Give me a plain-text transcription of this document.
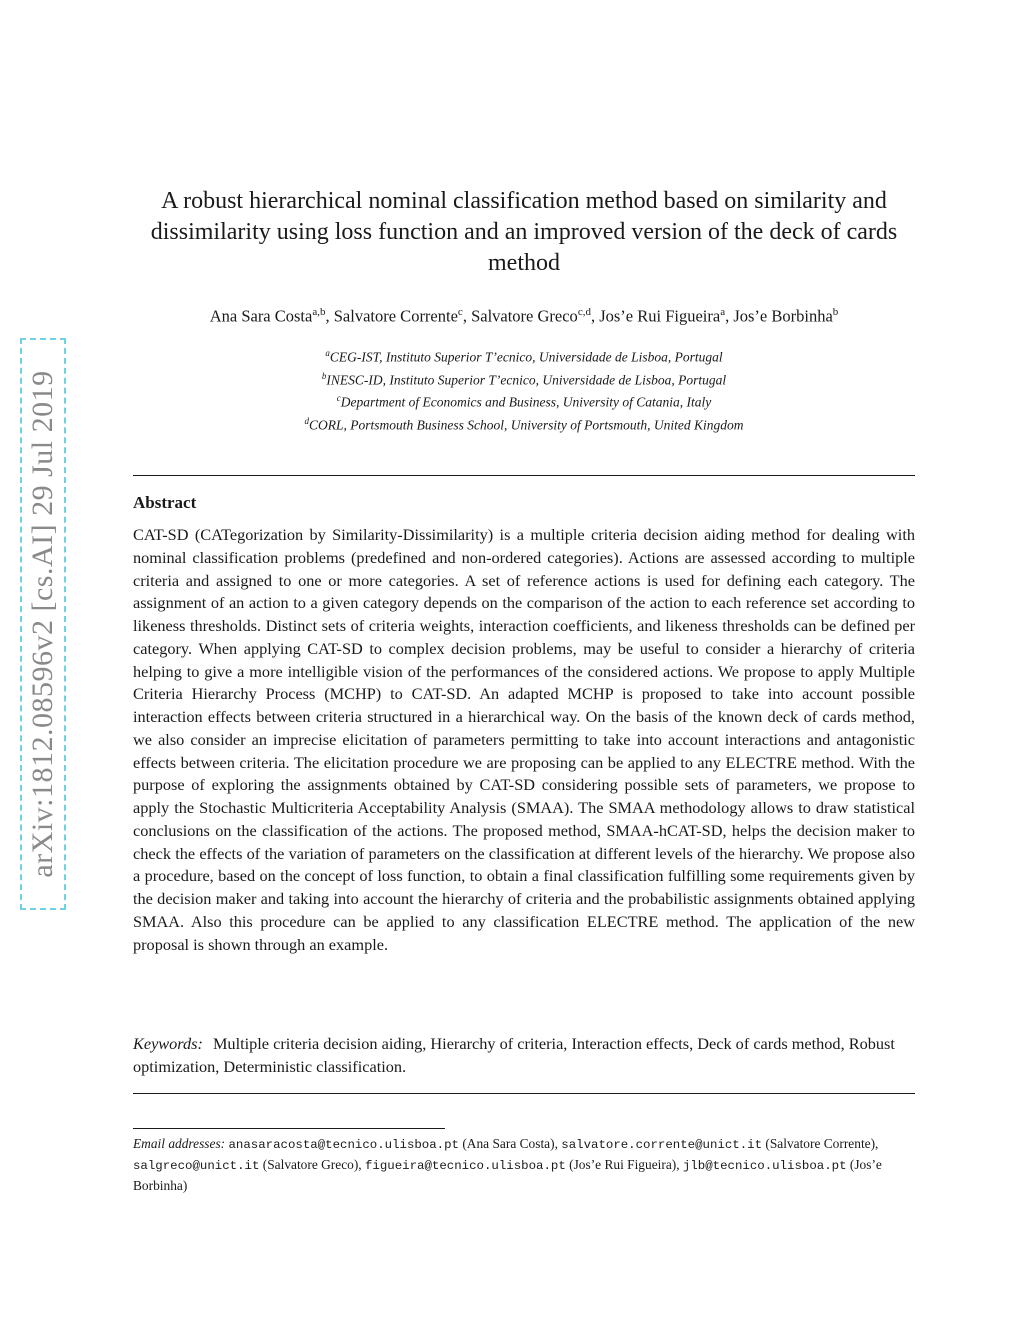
arXiv:1812.08596v2 [cs.AI] 29 Jul 2019
A robust hierarchical nominal classification method based on similarity and dissimilarity using loss function and an improved version of the deck of cards method
Ana Sara Costa$^{a,b}$, Salvatore Corrente$^c$, Salvatore Greco$^{c,d}$, Jos’e Rui Figueira$^a$, Jos’e Borbinha$^b$
$^a$CEG-IST, Instituto Superior T’ecnico, Universidade de Lisboa, Portugal
$^b$INESC-ID, Instituto Superior T’ecnico, Universidade de Lisboa, Portugal
$^c$Department of Economics and Business, University of Catania, Italy
$^d$CORL, Portsmouth Business School, University of Portsmouth, United Kingdom
Abstract

CAT-SD (CATegorization by Similarity-Dissimilarity) is a multiple criteria decision aiding method for dealing with nominal classification problems (predefined and non-ordered categories). Actions are assessed according to multiple criteria and assigned to one or more categories. A set of reference actions is used for defining each category. The assignment of an action to a given category depends on the comparison of the action to each reference set according to likeness thresholds. Distinct sets of criteria weights, interaction coefficients, and likeness thresholds can be defined per category. When applying CAT-SD to complex decision problems, may be useful to consider a hierarchy of criteria helping to give a more intelligible vision of the performances of the considered actions. We propose to apply Multiple Criteria Hierarchy Process (MCHP) to CAT-SD. An adapted MCHP is proposed to take into account possible interaction effects between criteria structured in a hierarchical way. On the basis of the known deck of cards method, we also consider an imprecise elicitation of parameters permitting to take into account interactions and antagonistic effects between criteria. The elicitation procedure we are proposing can be applied to any ELECTRE method. With the purpose of exploring the assignments obtained by CAT-SD considering possible sets of parameters, we propose to apply the Stochastic Multicriteria Acceptability Analysis (SMAA). The SMAA methodology allows to draw statistical conclusions on the classification of the actions. The proposed method, SMAA-hCAT-SD, helps the decision maker to check the effects of the variation of parameters on the classification at different levels of the hierarchy. We propose also a procedure, based on the concept of loss function, to obtain a final classification fulfilling some requirements given by the decision maker and taking into account the hierarchy of criteria and the probabilistic assignments obtained applying SMAA. Also this procedure can be applied to any classification ELECTRE method. The application of the new proposal is shown through an example.

Keywords: Multiple criteria decision aiding, Hierarchy of criteria, Interaction effects, Deck of cards method, Robust optimization, Deterministic classification.

Email addresses: anasaracosta@tecnico.ulisboa.pt (Ana Sara Costa), salvatore.corrente@unict.it (Salvatore Corrente), salgreco@unict.it (Salvatore Greco), figueira@tecnico.ulisboa.pt (Jos’e Rui Figueira), jlb@tecnico.ulisboa.pt (Jos’e Borbinha)
